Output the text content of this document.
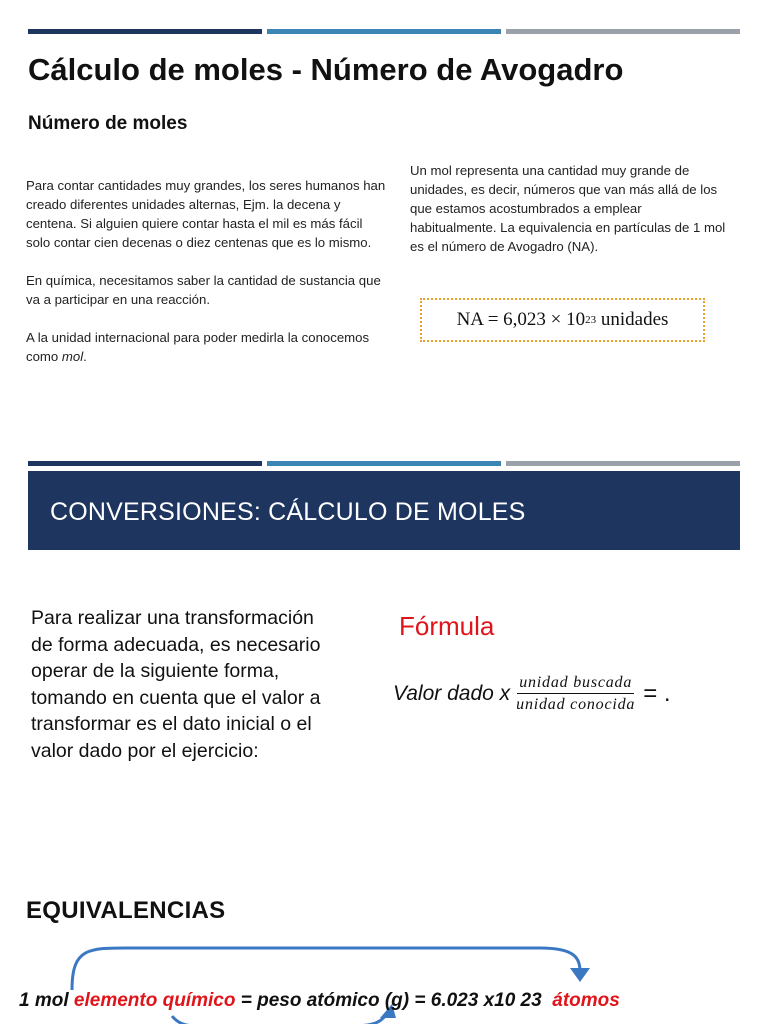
Cálculo de moles - Número de Avogadro
Número de moles

Para contar cantidades muy grandes, los seres humanos han creado diferentes unidades alternas, Ejm. la decena y centena. Si alguien quiere contar hasta el mil es más fácil solo contar cien decenas o diez centenas que es lo mismo.

En química, necesitamos saber la cantidad de sustancia que va a participar en una reacción.

A la unidad internacional para poder medirla la conocemos como mol.

Un mol representa una cantidad muy grande de unidades, es decir, números que van más allá de los que estamos acostumbrados a emplear habitualmente. La equivalencia en partículas de 1 mol es el número de Avogadro (NA).

NA = 6,023 × 10 23 unidades
CONVERSIONES: CÁLCULO DE MOLES
Para realizar una transformación de forma adecuada, es necesario operar de la siguiente forma, tomando en cuenta que el valor a transformar es el dato inicial o el valor dado por el ejercicio:
Fórmula
Valor dado x $\frac{\text{unidad buscada}}{\text{unidad conocida}}$ = .
EQUIVALENCIAS
1 mol elemento químico = peso atómico (g) = 6.023 x10 23  átomos
